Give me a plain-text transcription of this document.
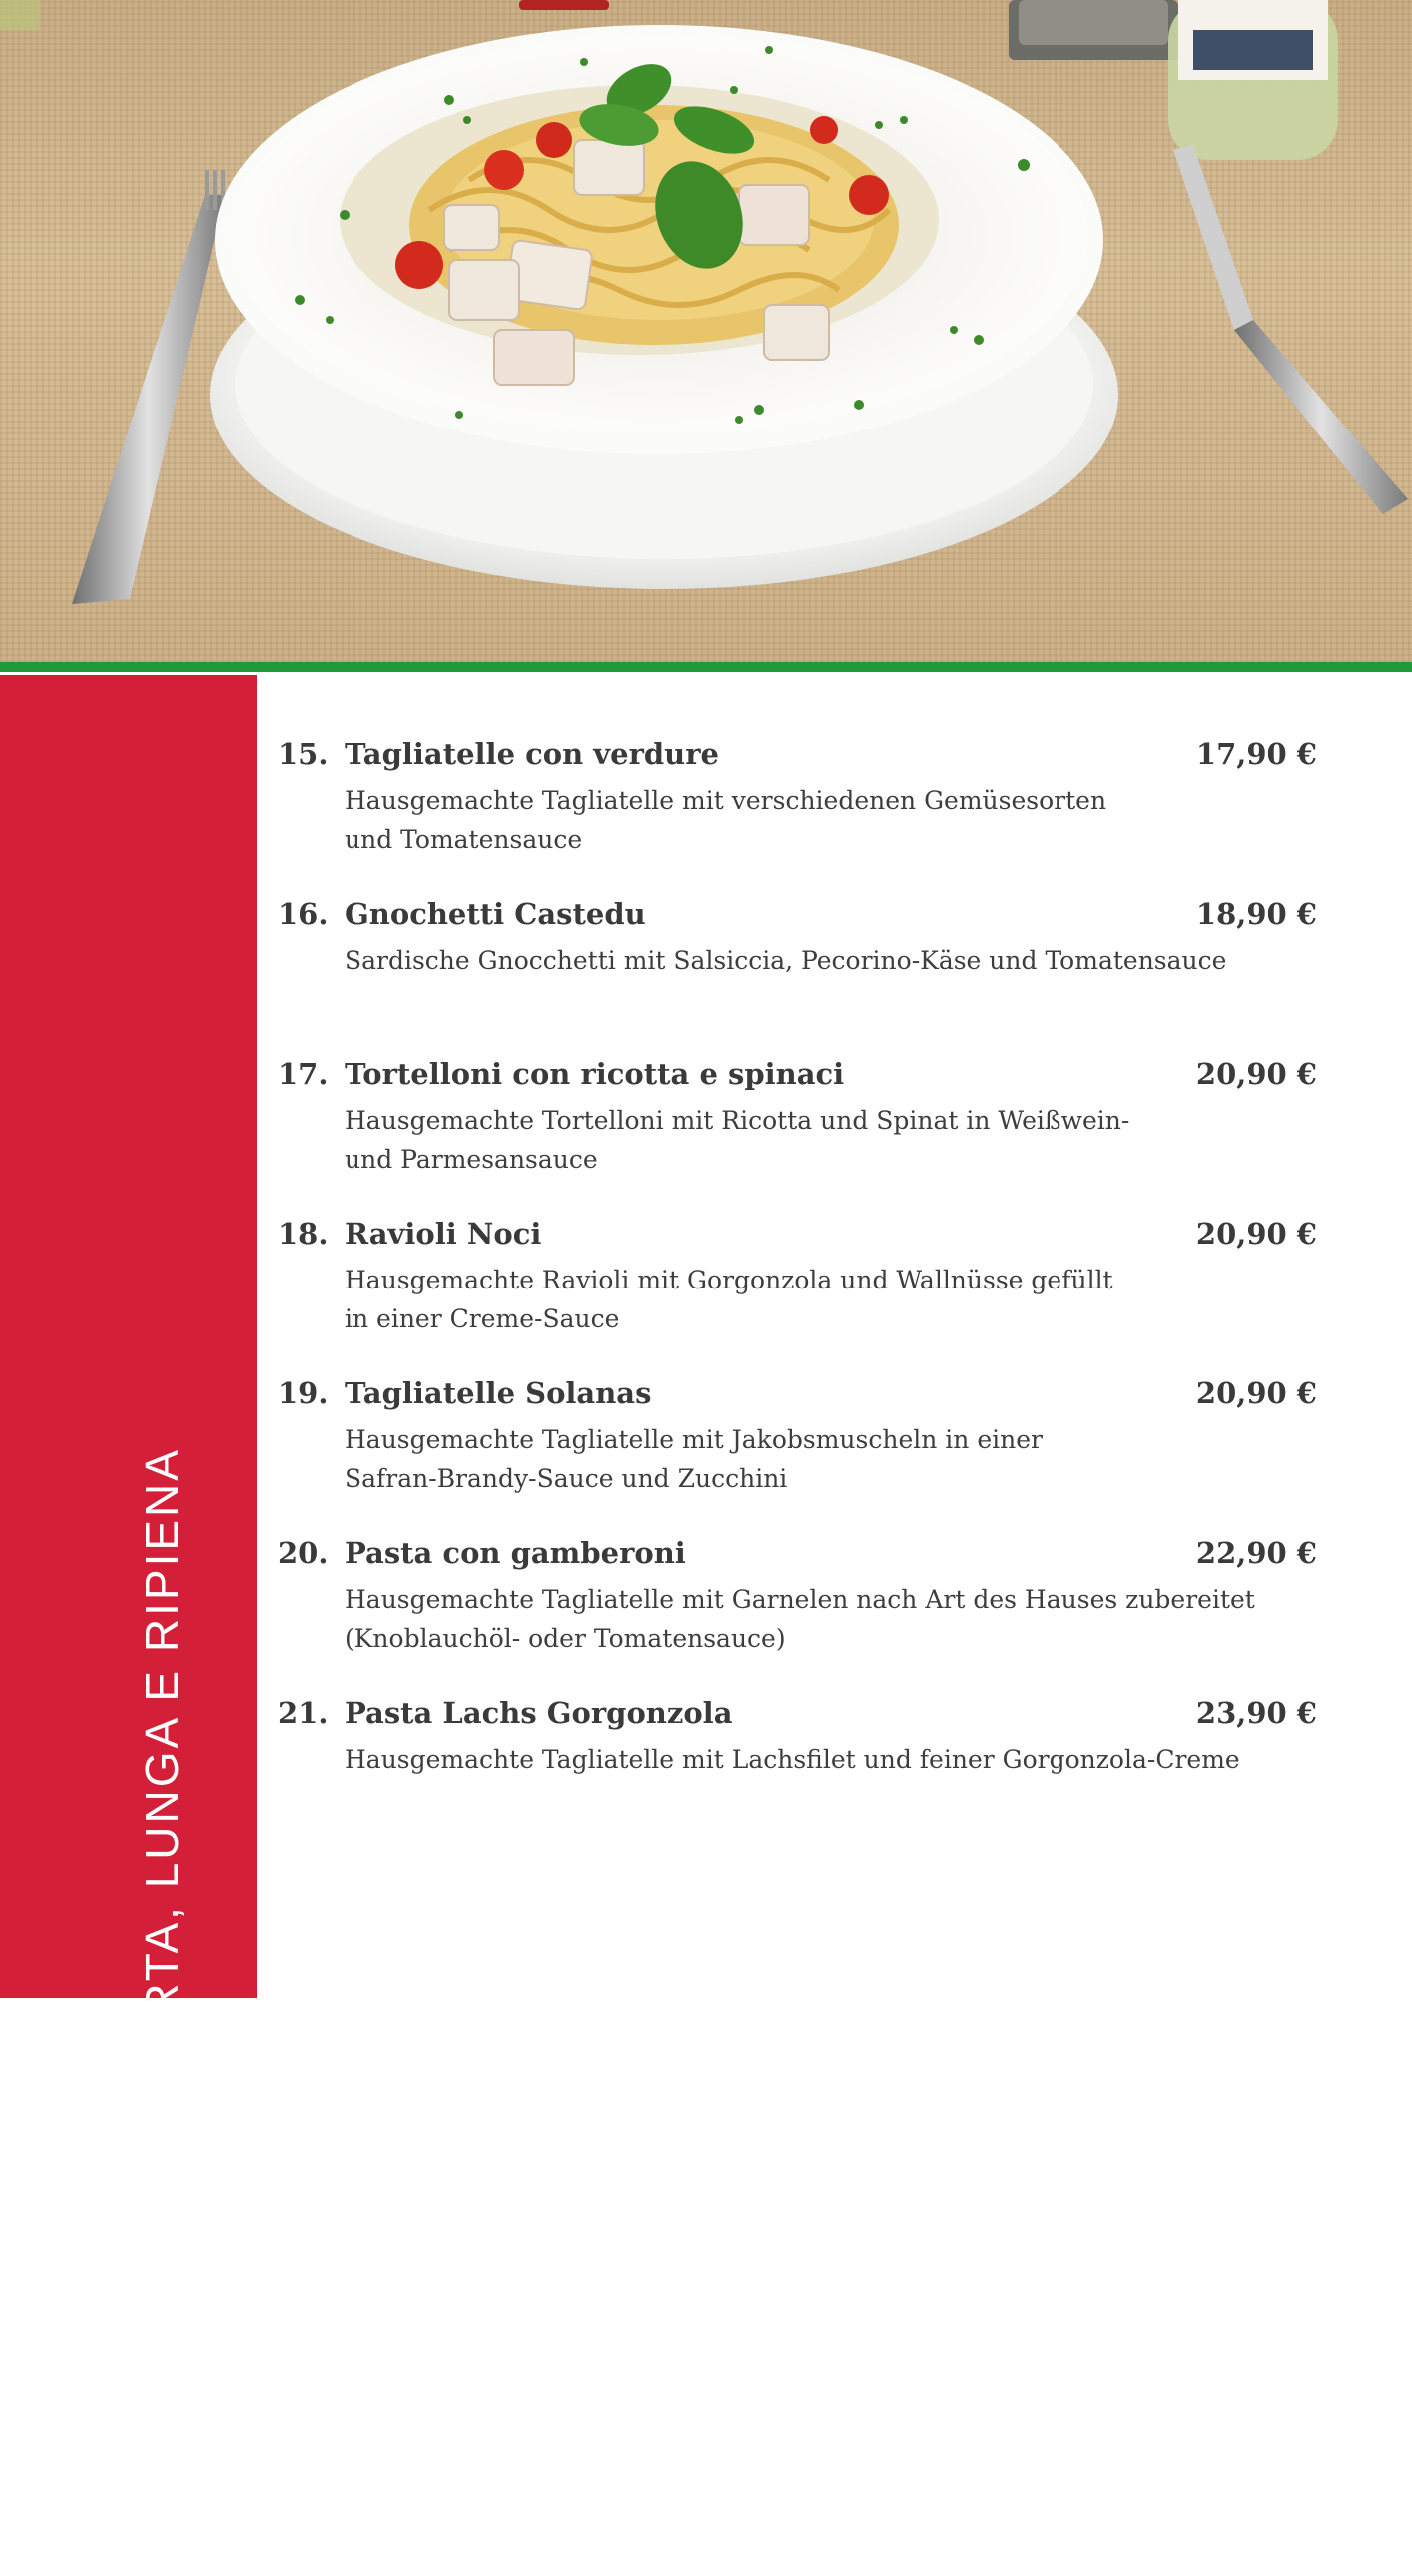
PASTACORTA, LUNGA E RIPIENA
15. Tagliatelle con verdure	17,90 €
Hausgemachte Tagliatelle mit verschiedenen Gemüsesorten
und Tomatensauce
16. Gnochetti Castedu	18,90 €
Sardische Gnocchetti mit Salsiccia, Pecorino-Käse und Tomatensauce
17. Tortelloni con ricotta e spinaci	20,90 €
Hausgemachte Tortelloni mit Ricotta und Spinat in Weißwein-
und Parmesansauce
18. Ravioli Noci	20,90 €
Hausgemachte Ravioli mit Gorgonzola und Wallnüsse gefüllt
in einer Creme-Sauce
19. Tagliatelle Solanas	20,90 €
Hausgemachte Tagliatelle mit Jakobsmuscheln in einer
Safran-Brandy-Sauce und Zucchini
20. Pasta con gamberoni	22,90 €
Hausgemachte Tagliatelle mit Garnelen nach Art des Hauses zubereitet
(Knoblauchöl- oder Tomatensauce)
21. Pasta Lachs Gorgonzola	23,90 €
Hausgemachte Tagliatelle mit Lachsfilet und feiner Gorgonzola-Creme
